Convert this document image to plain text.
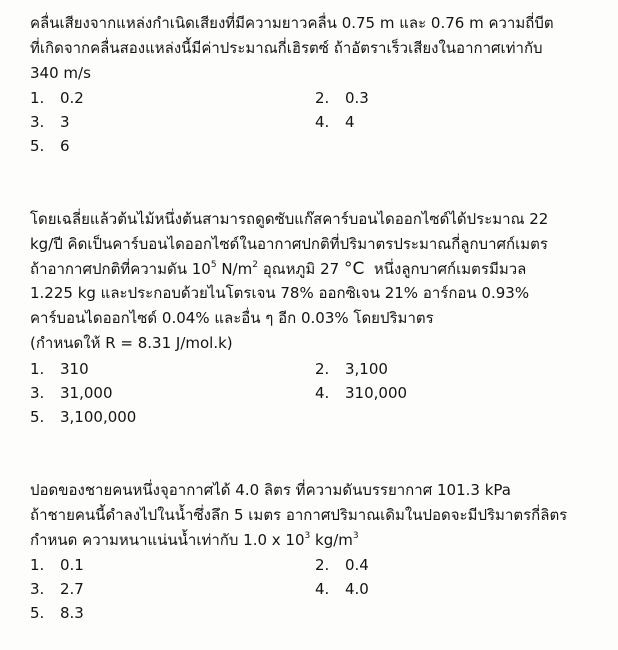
คลื่นเสียงจากแหล่งกำเนิดเสียงที่มีความยาวคลื่น 0.75 m และ 0.76 m ความถี่บีต
ที่เกิดจากคลื่นสองแหล่งนี้มีค่าประมาณกี่เฮิรตซ์ ถ้าอัตราเร็วเสียงในอากาศเท่ากับ
340 m/s
1. 0.2	2. 0.3
3. 3	4. 4
5. 6
โดยเฉลี่ยแล้วต้นไม้หนึ่งต้นสามารถดูดซับแก๊สคาร์บอนไดออกไซด์ได้ประมาณ 22
kg/ปี คิดเป็นคาร์บอนไดออกไซด์ในอากาศปกติที่ปริมาตรประมาณกี่ลูกบาศก์เมตร
ถ้าอากาศปกติที่ความดัน $10^5$ $N/m^2$ อุณหภูมิ 27 °C  หนึ่งลูกบาศก์เมตรมีมวล
1.225 kg และประกอบด้วยไนโตรเจน 78% ออกซิเจน 21% อาร์กอน 0.93%
คาร์บอนไดออกไซด์ 0.04% และอื่น ๆ อีก 0.03% โดยปริมาตร
(กำหนดให้ R = 8.31 J/mol.k)
1. 310	2. 3,100
3. 31,000	4. 310,000
5. 3,100,000
ปอดของชายคนหนึ่งจุอากาศได้ 4.0 ลิตร ที่ความดันบรรยากาศ 101.3 kPa
ถ้าชายคนนี้ดำลงไปในน้ำซึ่งลึก 5 เมตร อากาศปริมาณเดิมในปอดจะมีปริมาตรกี่ลิตร
กำหนด ความหนาแน่นน้ำเท่ากับ 1.0 x $10^3$ $kg/m^3$
1. 0.1	2. 0.4
3. 2.7	4. 4.0
5. 8.3
